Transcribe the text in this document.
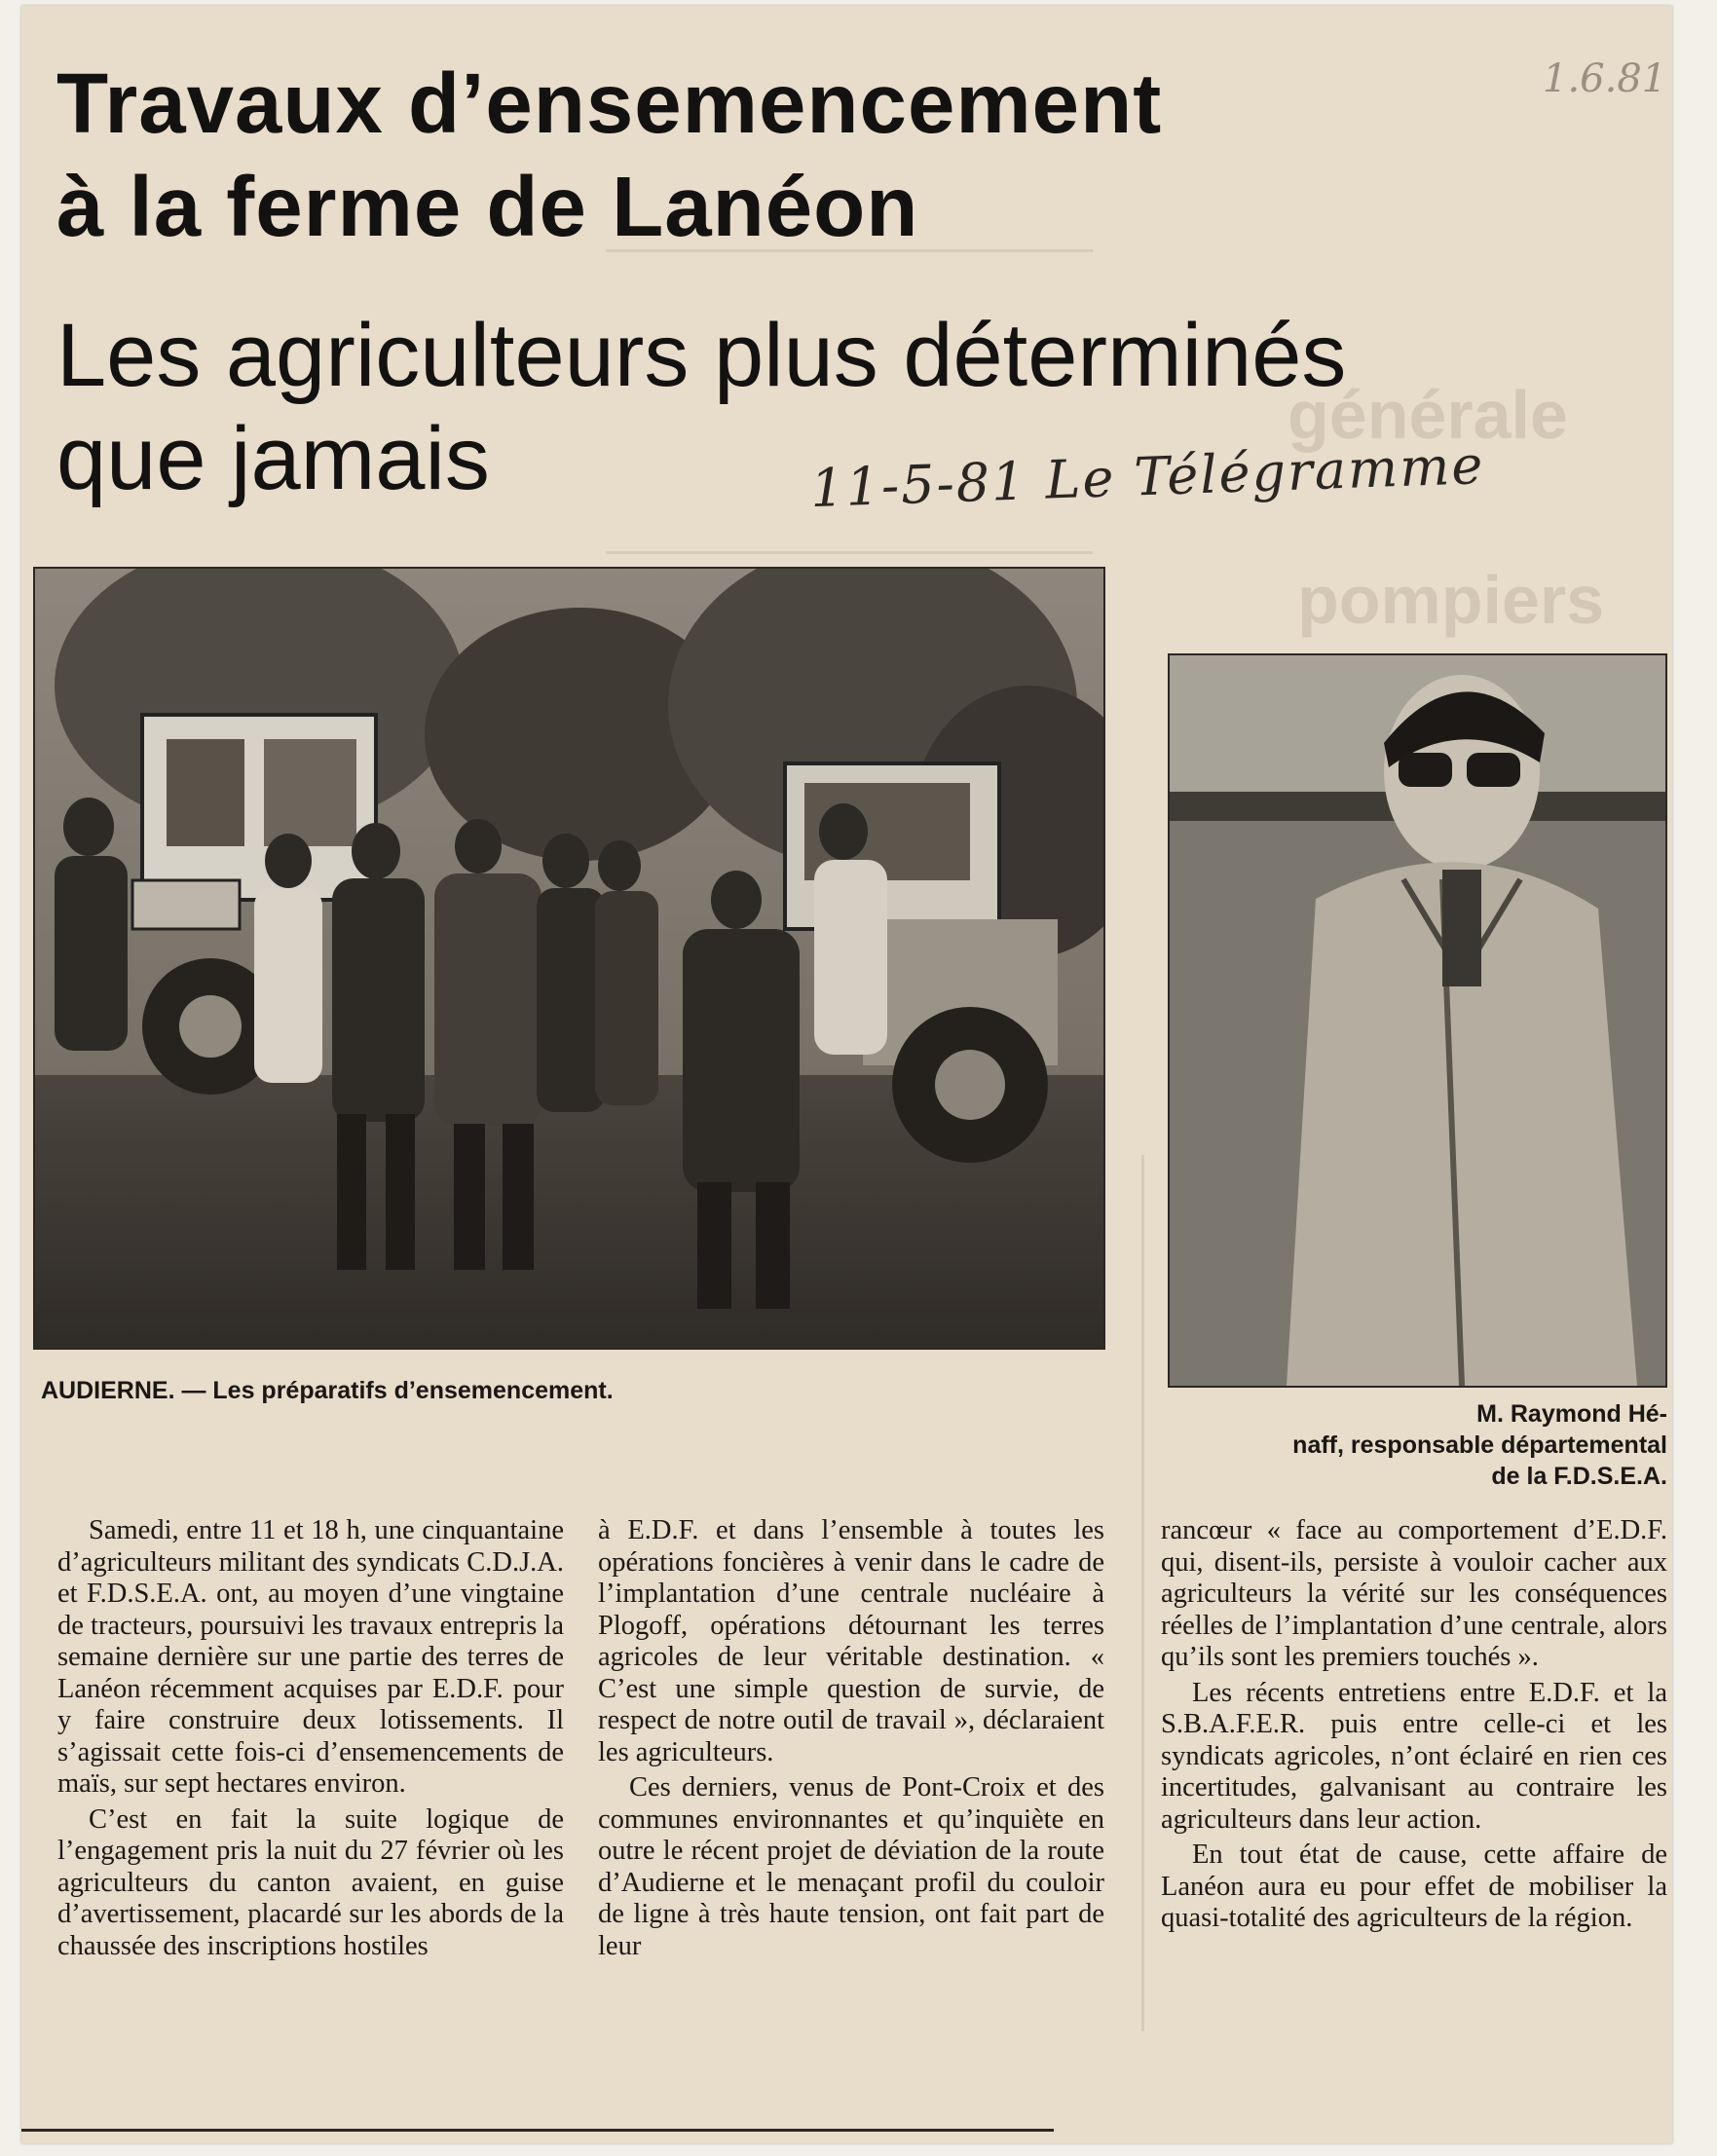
générale
pompiers
1.6.81
Travaux d’ensemencement
à la ferme de Lanéon
Les agriculteurs plus déterminés
que jamais	11-5-81 Le Télégramme
AUDIERNE. — Les préparatifs d’ensemencement.
M. Raymond Hé-
naff, responsable départemental
de la F.D.S.E.A.

Samedi, entre 11 et 18 h, une cinquantaine d’agriculteurs militant des syndicats C.D.J.A. et F.D.S.E.A. ont, au moyen d’une vingtaine de tracteurs, poursuivi les travaux entrepris la semaine dernière sur une partie des terres de Lanéon récemment acquises par E.D.F. pour y faire construire deux lotissements. Il s’agissait cette fois-ci d’ensemencements de maïs, sur sept hectares environ.

C’est en fait la suite logique de l’engagement pris la nuit du 27 février où les agriculteurs du canton avaient, en guise d’avertissement, placardé sur les abords de la chaussée des inscriptions hostiles

à E.D.F. et dans l’ensemble à toutes les opérations foncières à venir dans le cadre de l’implantation d’une centrale nucléaire à Plogoff, opérations détournant les terres agricoles de leur véritable destination. « C’est une simple question de survie, de respect de notre outil de travail », déclaraient les agriculteurs.

Ces derniers, venus de Pont-Croix et des communes environnantes et qu’inquiète en outre le récent projet de déviation de la route d’Audierne et le menaçant profil du couloir de ligne à très haute tension, ont fait part de leur

rancœur « face au comportement d’E.D.F. qui, disent-ils, persiste à vouloir cacher aux agriculteurs la vérité sur les conséquences réelles de l’implantation d’une centrale, alors qu’ils sont les premiers touchés ».

Les récents entretiens entre E.D.F. et la S.B.A.F.E.R. puis entre celle-ci et les syndicats agricoles, n’ont éclairé en rien ces incertitudes, galvanisant au contraire les agriculteurs dans leur action.

En tout état de cause, cette affaire de Lanéon aura eu pour effet de mobiliser la quasi-totalité des agriculteurs de la région.
